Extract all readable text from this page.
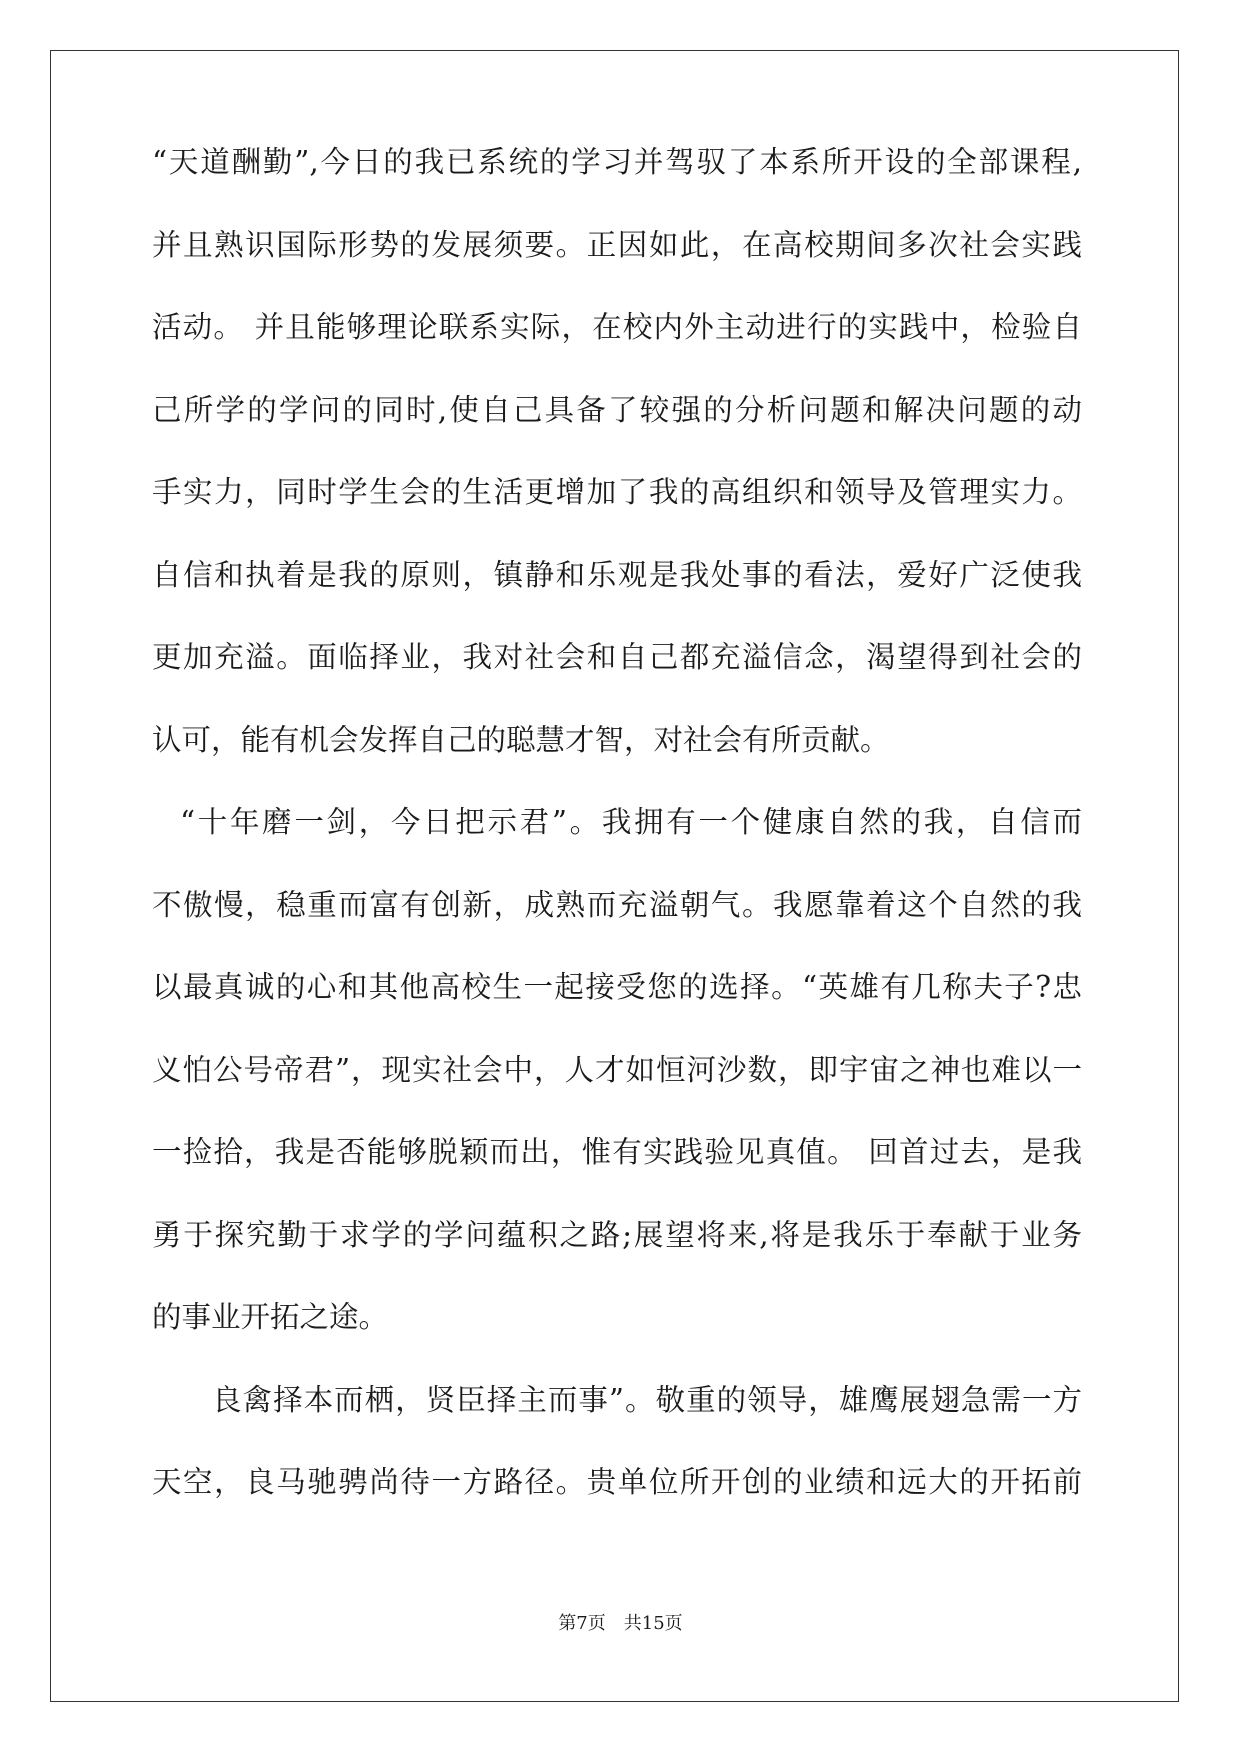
“天道酬勤”,今日的我已系统的学习并驾驭了本系所开设的全部课程,
并且熟识国际形势的发展须要。正因如此，在高校期间多次社会实践
活动。 并且能够理论联系实际，在校内外主动进行的实践中，检验自
己所学的学问的同时,使自己具备了较强的分析问题和解决问题的动
手实力，同时学生会的生活更增加了我的高组织和领导及管理实力。
自信和执着是我的原则，镇静和乐观是我处事的看法，爱好广泛使我
更加充溢。面临择业，我对社会和自己都充溢信念，渴望得到社会的
认可，能有机会发挥自己的聪慧才智，对社会有所贡献。
“十年磨一剑，今日把示君”。我拥有一个健康自然的我，自信而
不傲慢，稳重而富有创新，成熟而充溢朝气。我愿靠着这个自然的我
以最真诚的心和其他高校生一起接受您的选择。“英雄有几称夫子?忠
义怕公号帝君”，现实社会中，人才如恒河沙数，即宇宙之神也难以一
一捡拾，我是否能够脱颖而出，惟有实践验见真值。 回首过去，是我
勇于探究勤于求学的学问蕴积之路;展望将来,将是我乐于奉献于业务
的事业开拓之途。
良禽择本而栖，贤臣择主而事”。敬重的领导，雄鹰展翅急需一方
天空，良马驰骋尚待一方路径。贵单位所开创的业绩和远大的开拓前
第7页　共15页
